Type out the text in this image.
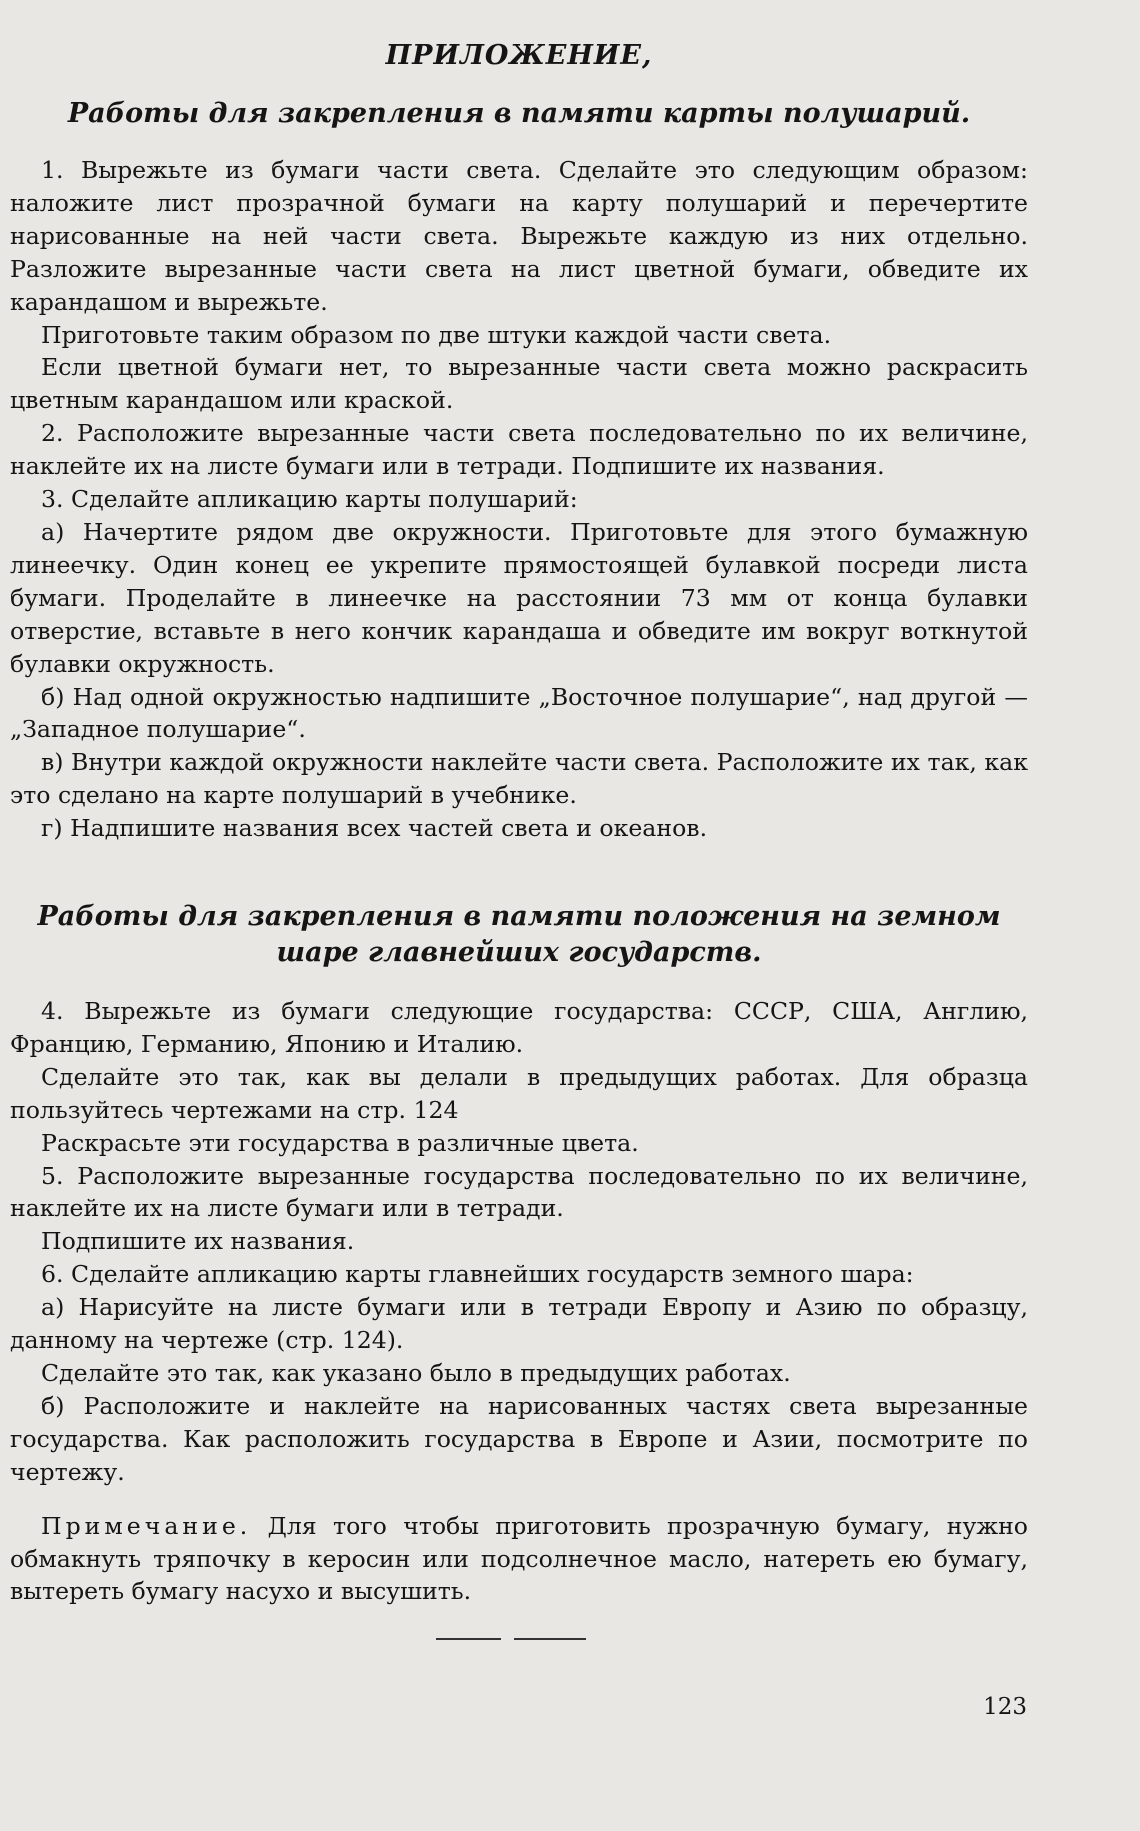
ПРИЛОЖЕНИЕ,
Работы для закрепления в памяти карты полушарий.

1. Вырежьте из бумаги части света. Сделайте это следующим образом: наложите лист прозрачной бумаги на карту полушарий и перечертите нарисованные на ней части света. Вырежьте каждую из них отдельно. Разложите вырезанные части света на лист цветной бумаги, обведите их карандашом и вырежьте.

Приготовьте таким образом по две штуки каждой части света.

Если цветной бумаги нет, то вырезанные части света можно раскрасить цветным карандашом или краской.

2. Расположите вырезанные части света последовательно по их величине, наклейте их на листе бумаги или в тетради. Подпишите их названия.

3. Сделайте апликацию карты полушарий:

а) Начертите рядом две окружности. Приготовьте для этого бумажную линеечку. Один конец ее укрепите прямостоящей булавкой посреди листа бумаги. Проделайте в линеечке на расстоянии 73 мм от конца булавки отверстие, вставьте в него кончик карандаша и обведите им вокруг воткнутой булавки окружность.

б) Над одной окружностью надпишите „Восточное полушарие“, над другой — „Западное полушарие“.

в) Внутри каждой окружности наклейте части света. Расположите их так, как это сделано на карте полушарий в учебнике.

г) Надпишите названия всех частей света и океанов.

Работы для закрепления в памяти положения на земном шаре главнейших государств.

4. Вырежьте из бумаги следующие государства: СССР, США, Англию, Францию, Германию, Японию и Италию.

Сделайте это так, как вы делали в предыдущих работах. Для образца пользуйтесь чертежами на стр. 124

Раскрасьте эти государства в различные цвета.

5. Расположите вырезанные государства последовательно по их величине, наклейте их на листе бумаги или в тетради.

Подпишите их названия.

6. Сделайте апликацию карты главнейших государств земного шара:

а) Нарисуйте на листе бумаги или в тетради Европу и Азию по образцу, данному на чертеже (стр. 124).

Сделайте это так, как указано было в предыдущих работах.

б) Расположите и наклейте на нарисованных частях света вырезанные государства. Как расположить государства в Европе и Азии, посмотрите по чертежу.

Примечание. Для того чтобы приготовить прозрачную бумагу, нужно обмакнуть тряпочку в керосин или подсолнечное масло, натереть ею бумагу, вытереть бумагу насухо и высушить.

123
